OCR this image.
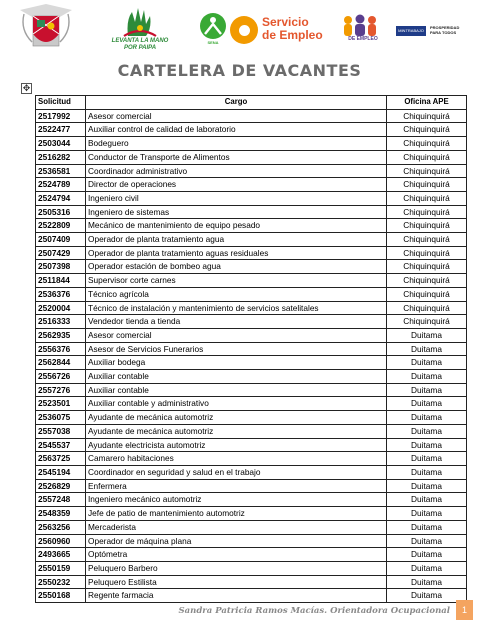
LEVANTA LA MANO
POR PAIPA
SENA
Servicio
de Empleo	DE EMPLEO
MINTRABAJO
PROSPERIDAD PARA TODOS
CARTELERA DE VACANTES
✥
Solicitud	Cargo	Oficina APE
2517992	Asesor comercial	Chiquinquirá
2522477	Auxiliar control de calidad de laboratorio	Chiquinquirá
2503044	Bodeguero	Chiquinquirá
2516282	Conductor de Transporte de Alimentos	Chiquinquirá
2536581	Coordinador administrativo	Chiquinquirá
2524789	Director de operaciones	Chiquinquirá
2524794	Ingeniero civil	Chiquinquirá
2505316	Ingeniero de sistemas	Chiquinquirá
2522809	Mecánico de mantenimiento de equipo pesado	Chiquinquirá
2507409	Operador de planta tratamiento agua	Chiquinquirá
2507429	Operador de planta tratamiento aguas residuales	Chiquinquirá
2507398	Operador estación de bombeo agua	Chiquinquirá
2511844	Supervisor corte carnes	Chiquinquirá
2536376	Técnico agrícola	Chiquinquirá
2520004	Técnico de instalación y mantenimiento de servicios satelitales	Chiquinquirá
2516333	Vendedor tienda a tienda	Chiquinquirá
2562935	Asesor comercial	Duitama
2556376	Asesor de Servicios Funerarios	Duitama
2562844	Auxiliar bodega	Duitama
2556726	Auxiliar contable	Duitama
2557276	Auxiliar contable	Duitama
2523501	Auxiliar contable y administrativo	Duitama
2536075	Ayudante de mecánica automotriz	Duitama
2557038	Ayudante de mecánica automotriz	Duitama
2545537	Ayudante electricista automotriz	Duitama
2563725	Camarero habitaciones	Duitama
2545194	Coordinador en seguridad y salud en el trabajo	Duitama
2526829	Enfermera	Duitama
2557248	Ingeniero mecánico automotriz	Duitama
2548359	Jefe de patio de mantenimiento automotriz	Duitama
2563256	Mercaderista	Duitama
2560960	Operador de máquina plana	Duitama
2493665	Optómetra	Duitama
2550159	Peluquero Barbero	Duitama
2550232	Peluquero Estilista	Duitama
2550168	Regente farmacia	Duitama
Sandra Patricia Ramos Macías. Orientadora Ocupacional	1
